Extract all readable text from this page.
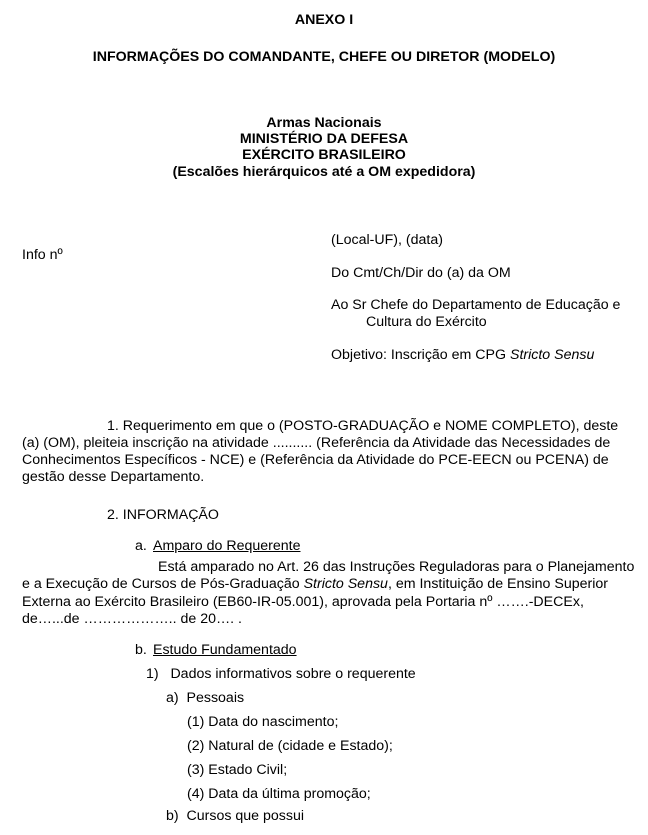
ANEXO I
INFORMAÇÕES DO COMANDANTE, CHEFE OU DIRETOR (MODELO)
Armas Nacionais
MINISTÉRIO DA DEFESA
EXÉRCITO BRASILEIRO
(Escalões hierárquicos até a OM expedidora)
Info nº
(Local-UF), (data)
Do Cmt/Ch/Dir do (a) da OM
Ao Sr Chefe do Departamento de Educação e
Cultura do Exército
Objetivo: Inscrição em CPG Stricto Sensu
1. Requerimento em que o (POSTO-GRADUAÇÃO e NOME COMPLETO), deste
(a) (OM), pleiteia inscrição na atividade .......... (Referência da Atividade das Necessidades de
Conhecimentos Específicos - NCE) e (Referência da Atividade do PCE-EECN ou PCENA) de
gestão desse Departamento.
2. INFORMAÇÃO
a. Amparo do Requerente
Está amparado no Art. 26 das Instruções Reguladoras para o Planejamento
e a Execução de Cursos de Pós-Graduação Stricto Sensu, em Instituição de Ensino Superior
Externa ao Exército Brasileiro (EB60-IR-05.001), aprovada pela Portaria nº …….-DECEx,
de…...de ……………….. de 20…. .
b. Estudo Fundamentado
1)   Dados informativos sobre o requerente
a)  Pessoais
(1) Data do nascimento;
(2) Natural de (cidade e Estado);
(3) Estado Civil;
(4) Data da última promoção;
b)  Cursos que possui
